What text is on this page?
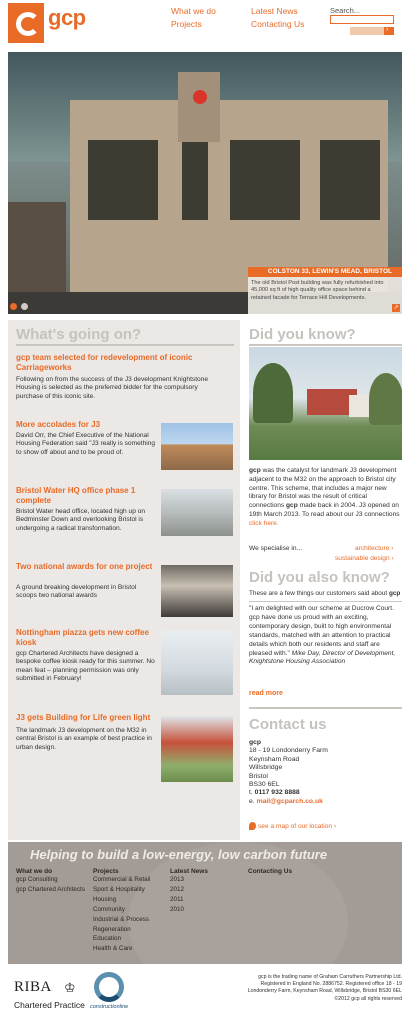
gcp	What we do
Projects
Latest News
Contacting Us
Search...
›

COLSTON 33, LEWIN'S MEAD, BRISTOL
The old Bristol Post building was fully refurbished into 45,000 sq ft of high quality office space behind a retained facade for Terrace Hill Developments.
↗
What's going on?
gcp team selected for redevelopment of iconic Carriageworks
Following on from the success of the J3 development Knightstone Housing is selected as the preferred bidder for the compulsory purchase of this iconic site.
More accolades for J3
David Orr, the Chief Executive of the National Housing Federation said "J3 really is something to show off about and to be proud of.
Bristol Water HQ office phase 1 complete
Bristol Water head office, located high up on Bedminster Down and overlooking Bristol is undergoing a radical transformation.
Two national awards for one project
A ground breaking development in Bristol scoops two national awards
Nottingham piazza gets new coffee kiosk
gcp Chartered Architects have designed a bespoke coffee kiosk ready for this summer. No mean feat – planning permission was only submitted in February!
J3 gets Building for Life green light
The landmark J3 development on the M32 in central Bristol is an example of best practice in urban design.
Did you know?
gcp was the catalyst for landmark J3 development adjacent to the M32 on the approach to Bristol city centre. This scheme, that includes a major new library for Bristol was the result of critical connections gcp made back in 2004. J3 opened on 19th March 2013. To read about our J3 connections click here.
We specialise in...	architecture ›
sustainable design ›
Did you also know?
These are a few things our customers said about gcp
"I am delighted with our scheme at Ducrow Court. gcp have done us proud with an exciting, contemporary design, built to high environmental standards, matched with an attention to practical details which both our residents and staff are pleased with." Mike Day, Director of Development, Knightstone Housing Association
read more
Contact us
gcp
18 - 19 Londonderry Farm
Keynsham Road
Willsbridge
Bristol
BS30 6EL
t. 0117 932 8888
e. mail@gcparch.co.uk
see a map of our location ›
Helping to build a low-energy, low carbon future
What we do
gcp Consulting
gcp Chartered Architects
Projects
Commercial & Retail
Sport & Hospitality
Housing
Community
Industrial & Process
Regeneration
Education
Health & Care
Latest News
2013
2012
2011
2010
Contacting Us
RIBA ♔
Chartered Practice constructionline
gcp is the trading name of Graham Carruthers Partnership Ltd. Registered in England No. 2886752. Registered office 18 - 19 Londonderry Farm, Keynsham Road, Willsbridge, Bristol BS30 6EL ©2012 gcp all rights reserved
